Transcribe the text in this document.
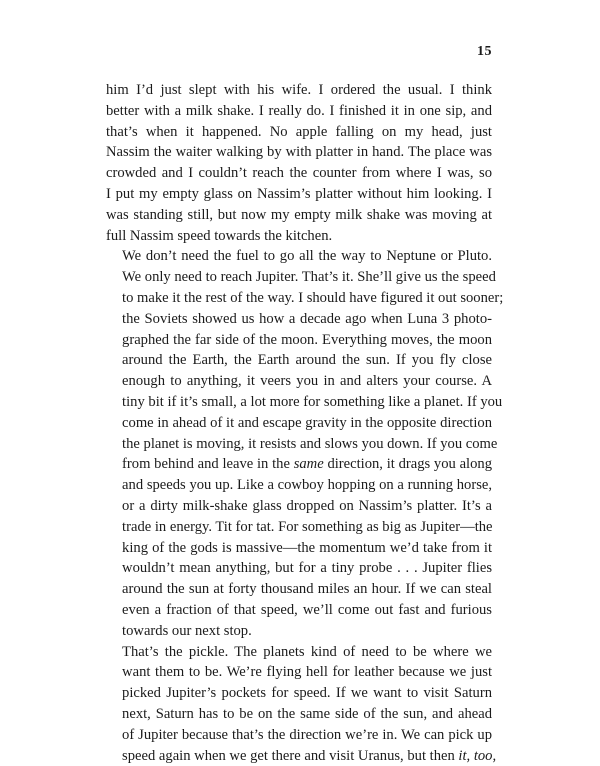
15

him I’d just slept with his wife. I ordered the usual. I think
better with a milk shake. I really do. I finished it in one sip, and
that’s when it happened. No apple falling on my head, just
Nassim the waiter walking by with platter in hand. The place was
crowded and I couldn’t reach the counter from where I was, so
I put my empty glass on Nassim’s platter without him looking. I
was standing still, but now my empty milk shake was moving at
full Nassim speed towards the kitchen.

We don’t need the fuel to go all the way to Neptune or Pluto.
We only need to reach Jupiter. That’s it. She’ll give us the speed
to make it the rest of the way. I should have figured it out sooner;
the Soviets showed us how a decade ago when Luna 3 photo-
graphed the far side of the moon. Everything moves, the moon
around the Earth, the Earth around the sun. If you fly close
enough to anything, it veers you in and alters your course. A
tiny bit if it’s small, a lot more for something like a planet. If you
come in ahead of it and escape gravity in the opposite direction
the planet is moving, it resists and slows you down. If you come
from behind and leave in the same direction, it drags you along
and speeds you up. Like a cowboy hopping on a running horse,
or a dirty milk-shake glass dropped on Nassim’s platter. It’s a
trade in energy. Tit for tat. For something as big as Jupiter—the
king of the gods is massive—the momentum we’d take from it
wouldn’t mean anything, but for a tiny probe . . . Jupiter flies
around the sun at forty thousand miles an hour. If we can steal
even a fraction of that speed, we’ll come out fast and furious
towards our next stop.

That’s the pickle. The planets kind of need to be where we
want them to be. We’re flying hell for leather because we just
picked Jupiter’s pockets for speed. If we want to visit Saturn
next, Saturn has to be on the same side of the sun, and ahead
of Jupiter because that’s the direction we’re in. We can pick up
speed again when we get there and visit Uranus, but then it, too,
